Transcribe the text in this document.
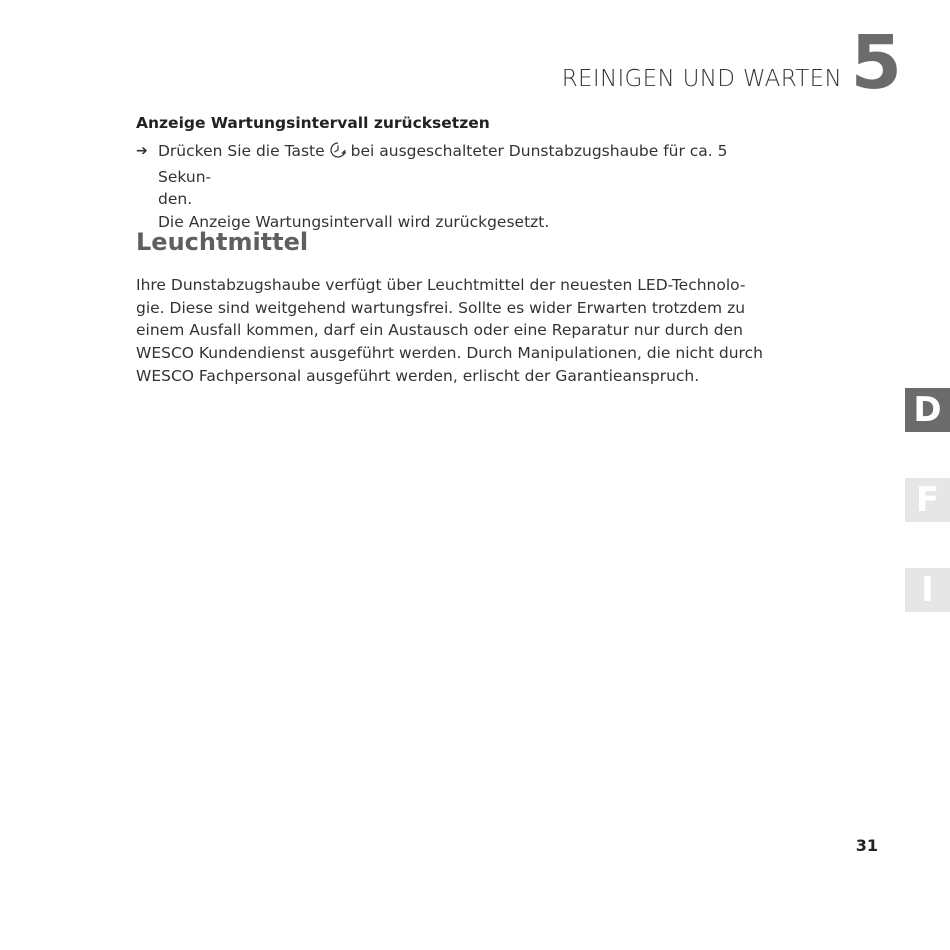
REINIGEN UND WARTEN 5
Anzeige Wartungsintervall zurücksetzen
➔ Drücken Sie die Taste bei ausgeschalteter Dunstabzugshaube für ca. 5 Sekun-
den.
Die Anzeige Wartungsintervall wird zurückgesetzt.
Leuchtmittel
Ihre Dunstabzugshaube verfügt über Leuchtmittel der neuesten LED-Technolo-
gie. Diese sind weitgehend wartungsfrei. Sollte es wider Erwarten trotzdem zu
einem Ausfall kommen, darf ein Austausch oder eine Reparatur nur durch den
WESCO Kundendienst ausgeführt werden. Durch Manipulationen, die nicht durch
WESCO Fachpersonal ausgeführt werden, erlischt der Garantieanspruch.
D
F
I
31
